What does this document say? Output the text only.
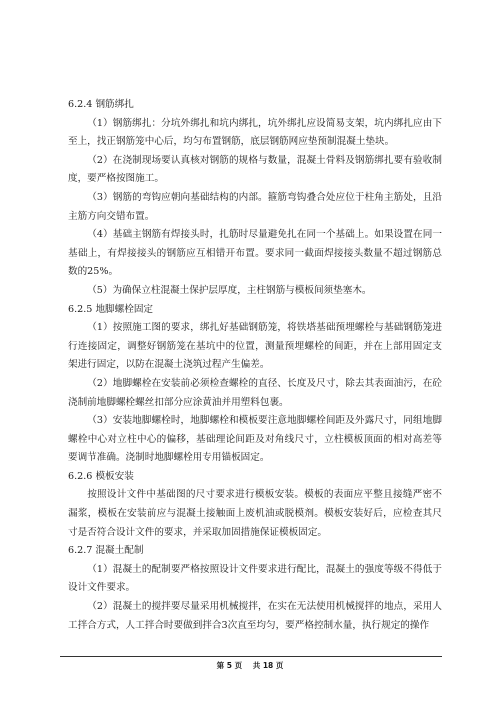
6.2.4 钢筋绑扎

（1）钢筋绑扎：分坑外绑扎和坑内绑扎，坑外绑扎应设简易支架，坑内绑扎应由下至上，找正钢筋笼中心后，均匀布置钢筋，底层钢筋网应垫预制混凝土垫块。

（2）在浇制现场要认真核对钢筋的规格与数量，混凝土骨料及钢筋绑扎要有验收制度，要严格按图施工。

（3）钢筋的弯钩应朝向基础结构的内部。箍筋弯钩叠合处应位于柱角主筋处，且沿主筋方向交错布置。

（4）基础主钢筋有焊接头时，扎筋时尽量避免扎在同一个基础上。如果设置在同一基础上，有焊接接头的钢筋应互相错开布置。要求同一截面焊接接头数量不超过钢筋总数的25%。

（5）为确保立柱混凝土保护层厚度，主柱钢筋与模板间须垫塞木。

6.2.5 地脚螺栓固定

（1）按照施工图的要求，绑扎好基础钢筋笼，将铁塔基础预埋螺栓与基础钢筋笼进行连接固定，调整好钢筋笼在基坑中的位置，测量预埋螺栓的间距，并在上部用固定支架进行固定，以防在混凝土浇筑过程产生偏差。

（2）地脚螺栓在安装前必须检查螺栓的直径、长度及尺寸，除去其表面油污，在砼浇制前地脚螺栓螺丝扣部分应涂黄油并用塑料包裹。

（3）安装地脚螺栓时，地脚螺栓和模板要注意地脚螺栓间距及外露尺寸，同组地脚螺栓中心对立柱中心的偏移，基础理论间距及对角线尺寸，立柱模板顶面的相对高差等要调节准确。浇制时地脚螺栓用专用锚板固定。

6.2.6 模板安装

按照设计文件中基础图的尺寸要求进行模板安装。模板的表面应平整且接缝严密不漏浆，模板在安装前应与混凝土接触面上废机油或脱模剂。模板安装好后，应检查其尺寸是否符合设计文件的要求，并采取加固措施保证模板固定。

6.2.7 混凝土配制

（1）混凝土的配制要严格按照设计文件要求进行配比，混凝土的强度等级不得低于设计文件要求。

（2）混凝土的搅拌要尽量采用机械搅拌，在实在无法使用机械搅拌的地点，采用人工拌合方式，人工拌合时要做到拌合3次直至均匀，要严格控制水量，执行规定的操作

第 5 页 共 18 页
